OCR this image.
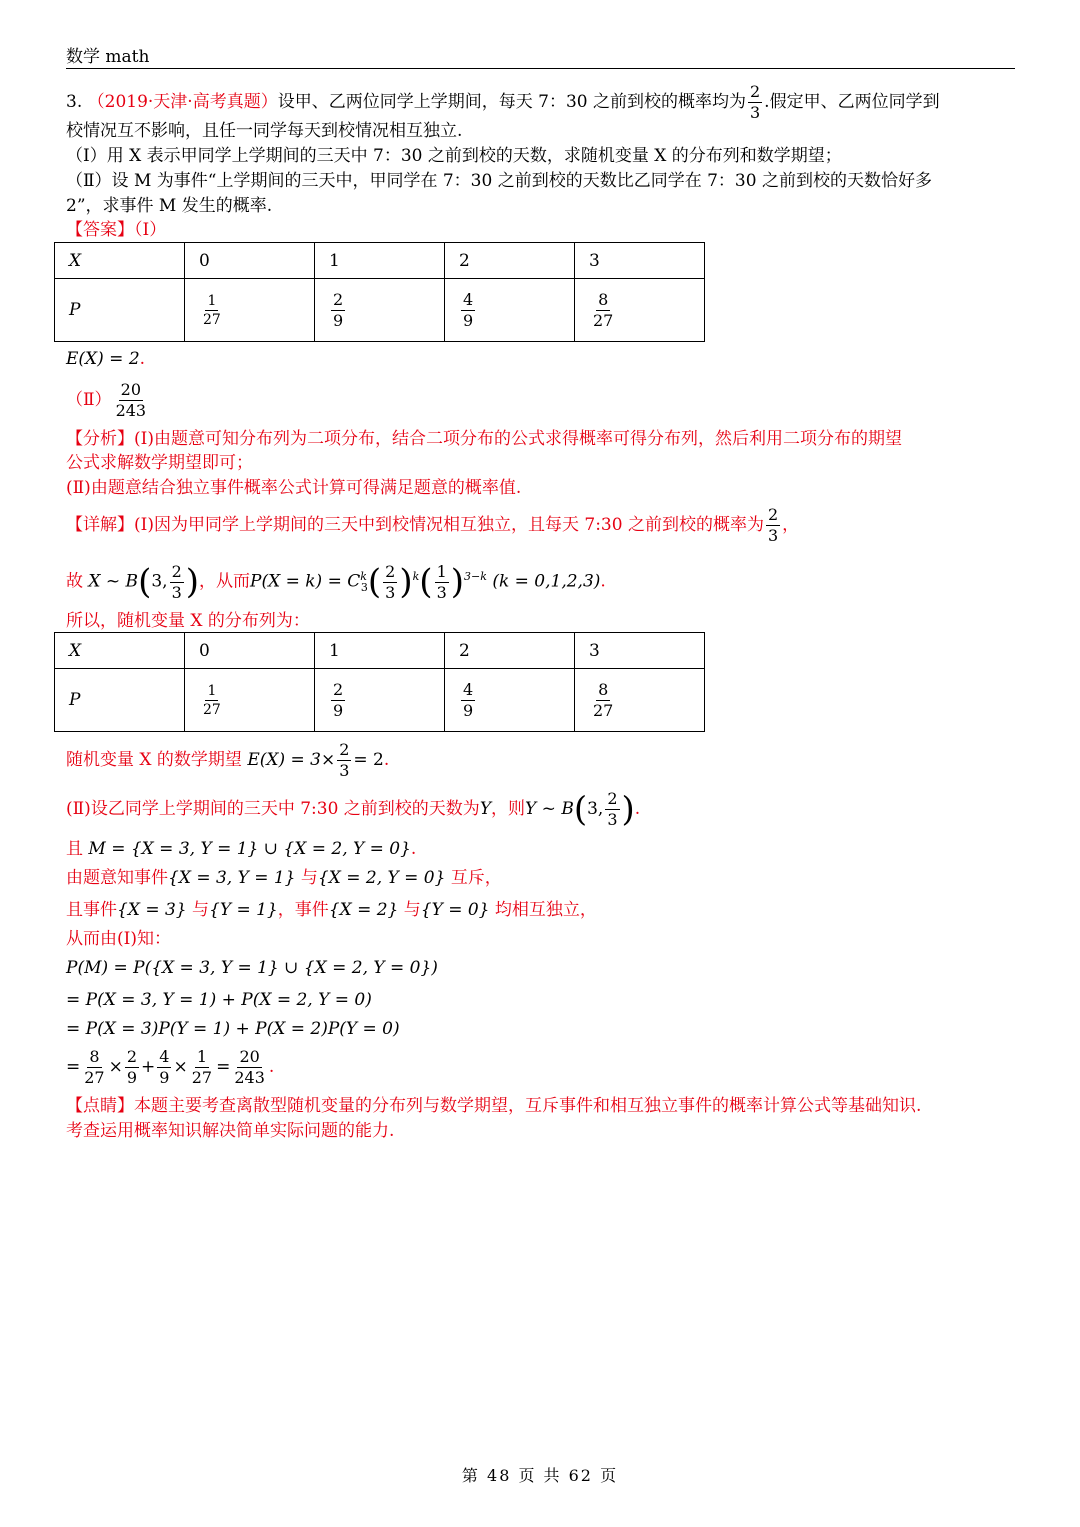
数学 math
3. （2019·天津·高考真题）设甲、乙两位同学上学期间，每天 7：30 之前到校的概率均为 $\frac{2}{3}$ .假定甲、乙两位同学到
校情况互不影响，且任一同学每天到校情况相互独立.
（Ⅰ）用 X 表示甲同学上学期间的三天中 7：30 之前到校的天数，求随机变量 X 的分布列和数学期望；
（Ⅱ）设 M 为事件“上学期间的三天中，甲同学在 7：30 之前到校的天数比乙同学在 7：30 之前到校的天数恰好多
2”，求事件 M 发生的概率.
【答案】（Ⅰ）
X	0	1	2	3
P	$\frac{1}{27}$	$\frac{2}{9}$	$\frac{4}{9}$	$\frac{8}{27}$
E(X) = 2.
（Ⅱ） $\frac{20}{243}$
【分析】(Ⅰ)由题意可知分布列为二项分布，结合二项分布的公式求得概率可得分布列，然后利用二项分布的期望
公式求解数学期望即可；
(Ⅱ)由题意结合独立事件概率公式计算可得满足题意的概率值.
【详解】(Ⅰ)因为甲同学上学期间的三天中到校情况相互独立，且每天 7:30 之前到校的概率为 $\frac{2}{3}$ ，
故 X ~ B(3, $\frac{2}{3}$ )，从而$P(X = k) = C^k_3( \frac{2}{3} )^k( \frac{1}{3} )^{3-k}$ (k = 0,1,2,3).
所以，随机变量 X 的分布列为：
X	0	1	2	3
P	$\frac{1}{27}$	$\frac{2}{9}$	$\frac{4}{9}$	$\frac{8}{27}$
随机变量 X 的数学期望 $E(X) = 3\times \frac{2}{3} = 2$.
(Ⅱ)设乙同学上学期间的三天中 7:30 之前到校的天数为Y，则Y ~ B(3, $\frac{2}{3}$ ).
且 M = {X = 3, Y = 1} ∪ {X = 2, Y = 0}.
由题意知事件{X = 3, Y = 1} 与{X = 2, Y = 0} 互斥，
且事件{X = 3} 与{Y = 1}，事件{X = 2} 与{Y = 0} 均相互独立，
从而由(Ⅰ)知：
P(M) = P({X = 3, Y = 1} ∪ {X = 2, Y = 0})
= P(X = 3, Y = 1) + P(X = 2, Y = 0)
= P(X = 3)P(Y = 1) + P(X = 2)P(Y = 0)
= $\frac{8}{27} \times \frac{2}{9} + \frac{4}{9} \times \frac{1}{27} = \frac{20}{243}$ .
【点睛】本题主要考查离散型随机变量的分布列与数学期望，互斥事件和相互独立事件的概率计算公式等基础知识.
考查运用概率知识解决简单实际问题的能力.
第 48 页 共 62 页
